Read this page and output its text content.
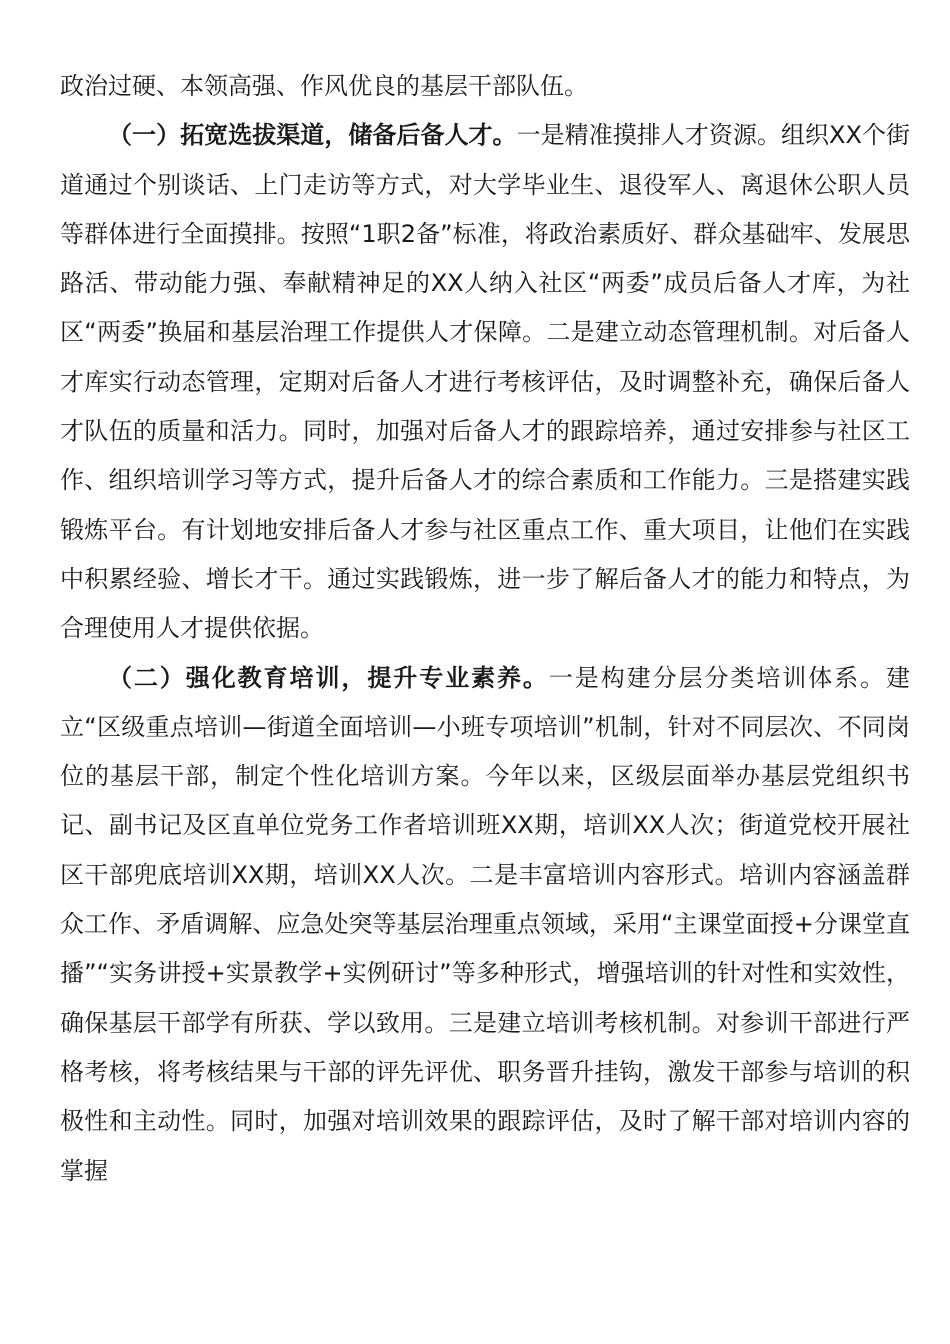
政治过硬、本领高强、作风优良的基层干部队伍。

（一）拓宽选拔渠道，储备后备人才。一是精准摸排人才资源。组织XX个街道通过个别谈话、上门走访等方式，对大学毕业生、退役军人、离退休公职人员等群体进行全面摸排。按照“1职2备”标准，将政治素质好、群众基础牢、发展思路活、带动能力强、奉献精神足的XX人纳入社区“两委”成员后备人才库，为社区“两委”换届和基层治理工作提供人才保障。二是建立动态管理机制。对后备人才库实行动态管理，定期对后备人才进行考核评估，及时调整补充，确保后备人才队伍的质量和活力。同时，加强对后备人才的跟踪培养，通过安排参与社区工作、组织培训学习等方式，提升后备人才的综合素质和工作能力。三是搭建实践锻炼平台。有计划地安排后备人才参与社区重点工作、重大项目，让他们在实践中积累经验、增长才干。通过实践锻炼，进一步了解后备人才的能力和特点，为合理使用人才提供依据。

（二）强化教育培训，提升专业素养。一是构建分层分类培训体系。建立“区级重点培训—街道全面培训—小班专项培训”机制，针对不同层次、不同岗位的基层干部，制定个性化培训方案。今年以来，区级层面举办基层党组织书记、副书记及区直单位党务工作者培训班XX期，培训XX人次；街道党校开展社区干部兜底培训XX期，培训XX人次。二是丰富培训内容形式。培训内容涵盖群众工作、矛盾调解、应急处突等基层治理重点领域，采用“主课堂面授+分课堂直播”“实务讲授+实景教学+实例研讨”等多种形式，增强培训的针对性和实效性，确保基层干部学有所获、学以致用。三是建立培训考核机制。对参训干部进行严格考核，将考核结果与干部的评先评优、职务晋升挂钩，激发干部参与培训的积极性和主动性。同时，加强对培训效果的跟踪评估，及时了解干部对培训内容的掌握
